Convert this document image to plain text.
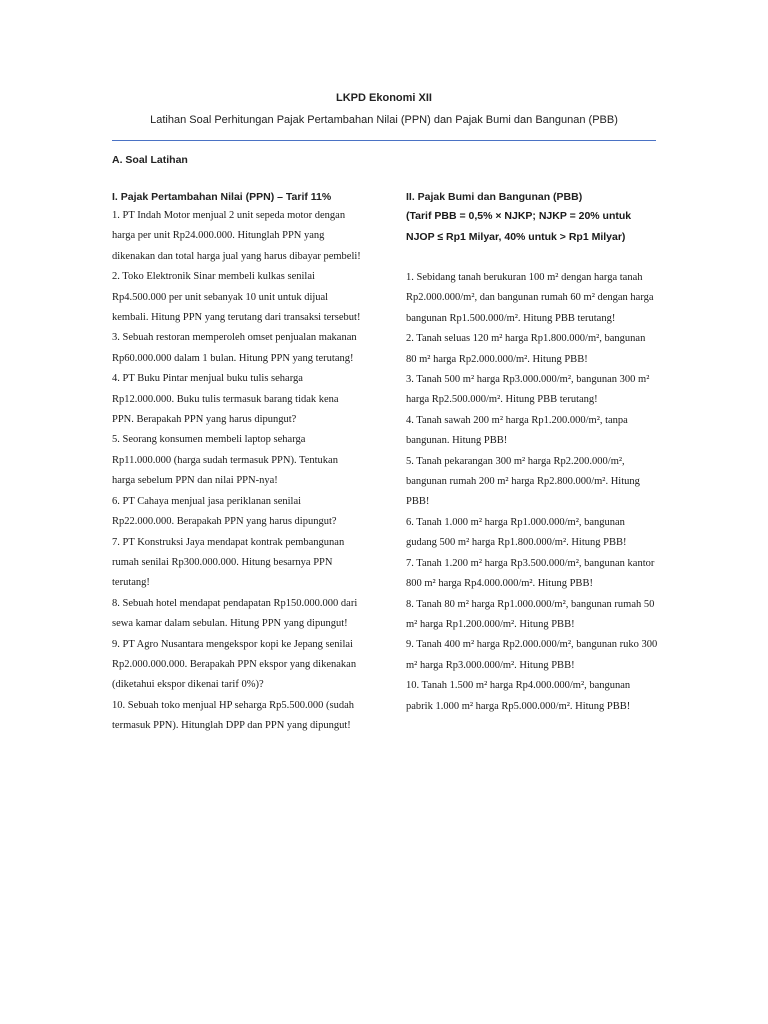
LKPD Ekonomi XII
Latihan Soal Perhitungan Pajak Pertambahan Nilai (PPN) dan Pajak Bumi dan Bangunan (PBB)
A. Soal Latihan
I. Pajak Pertambahan Nilai (PPN) – Tarif 11%
1. PT Indah Motor menjual 2 unit sepeda motor dengan harga per unit Rp24.000.000. Hitunglah PPN yang dikenakan dan total harga jual yang harus dibayar pembeli!
2. Toko Elektronik Sinar membeli kulkas senilai Rp4.500.000 per unit sebanyak 10 unit untuk dijual kembali. Hitung PPN yang terutang dari transaksi tersebut!
3. Sebuah restoran memperoleh omset penjualan makanan Rp60.000.000 dalam 1 bulan. Hitung PPN yang terutang!
4. PT Buku Pintar menjual buku tulis seharga Rp12.000.000. Buku tulis termasuk barang tidak kena PPN. Berapakah PPN yang harus dipungut?
5. Seorang konsumen membeli laptop seharga Rp11.000.000 (harga sudah termasuk PPN). Tentukan harga sebelum PPN dan nilai PPN-nya!
6. PT Cahaya menjual jasa periklanan senilai Rp22.000.000. Berapakah PPN yang harus dipungut?
7. PT Konstruksi Jaya mendapat kontrak pembangunan rumah senilai Rp300.000.000. Hitung besarnya PPN terutang!
8. Sebuah hotel mendapat pendapatan Rp150.000.000 dari sewa kamar dalam sebulan. Hitung PPN yang dipungut!
9. PT Agro Nusantara mengekspor kopi ke Jepang senilai Rp2.000.000.000. Berapakah PPN ekspor yang dikenakan (diketahui ekspor dikenai tarif 0%)?
10. Sebuah toko menjual HP seharga Rp5.500.000 (sudah termasuk PPN). Hitunglah DPP dan PPN yang dipungut!
II. Pajak Bumi dan Bangunan (PBB)
(Tarif PBB = 0,5% × NJKP; NJKP = 20% untuk NJOP ≤ Rp1 Milyar, 40% untuk > Rp1 Milyar)
1. Sebidang tanah berukuran 100 m² dengan harga tanah Rp2.000.000/m², dan bangunan rumah 60 m² dengan harga bangunan Rp1.500.000/m². Hitung PBB terutang!
2. Tanah seluas 120 m² harga Rp1.800.000/m², bangunan 80 m² harga Rp2.000.000/m². Hitung PBB!
3. Tanah 500 m² harga Rp3.000.000/m², bangunan 300 m² harga Rp2.500.000/m². Hitung PBB terutang!
4. Tanah sawah 200 m² harga Rp1.200.000/m², tanpa bangunan. Hitung PBB!
5. Tanah pekarangan 300 m² harga Rp2.200.000/m², bangunan rumah 200 m² harga Rp2.800.000/m². Hitung PBB!
6. Tanah 1.000 m² harga Rp1.000.000/m², bangunan gudang 500 m² harga Rp1.800.000/m². Hitung PBB!
7. Tanah 1.200 m² harga Rp3.500.000/m², bangunan kantor 800 m² harga Rp4.000.000/m². Hitung PBB!
8. Tanah 80 m² harga Rp1.000.000/m², bangunan rumah 50 m² harga Rp1.200.000/m². Hitung PBB!
9. Tanah 400 m² harga Rp2.000.000/m², bangunan ruko 300 m² harga Rp3.000.000/m². Hitung PBB!
10. Tanah 1.500 m² harga Rp4.000.000/m², bangunan pabrik 1.000 m² harga Rp5.000.000/m². Hitung PBB!
